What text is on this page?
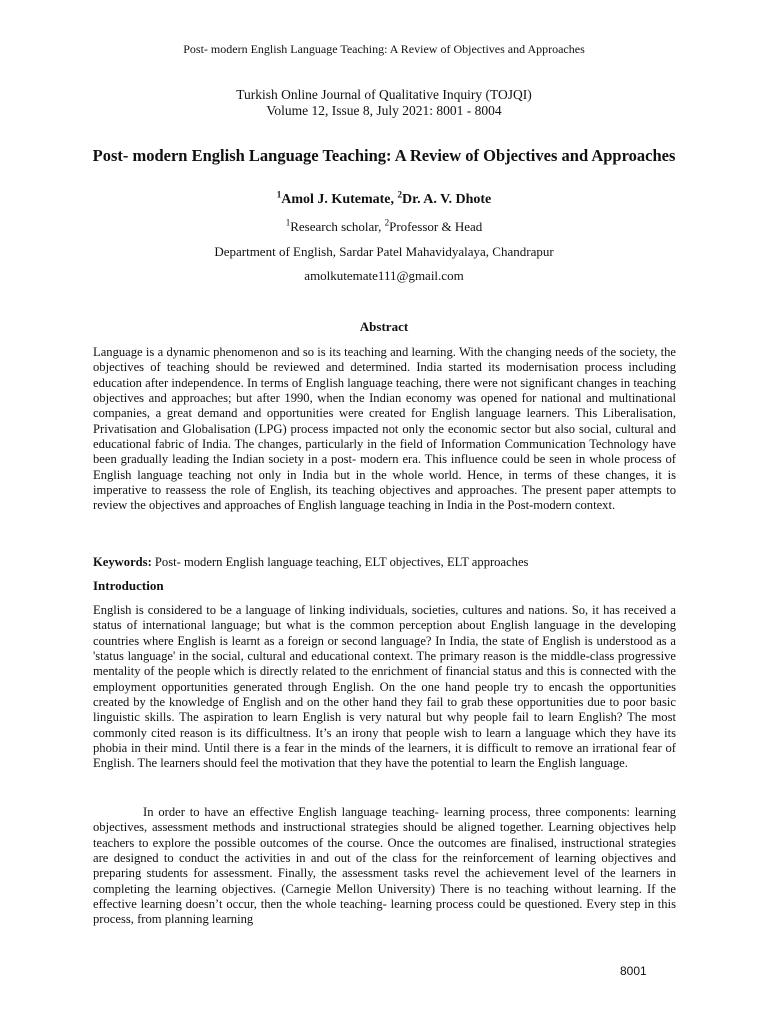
Post- modern English Language Teaching: A Review of Objectives and Approaches
Turkish Online Journal of Qualitative Inquiry (TOJQI)
Volume 12, Issue 8, July 2021: 8001 - 8004
Post- modern English Language Teaching: A Review of Objectives and Approaches
$^1$Amol J. Kutemate, $^2$Dr. A. V. Dhote
$^1$Research scholar, $^2$Professor & Head
Department of English, Sardar Patel Mahavidyalaya, Chandrapur
amolkutemate111@gmail.com
Abstract
Language is a dynamic phenomenon and so is its teaching and learning. With the changing needs of the society, the objectives of teaching should be reviewed and determined. India started its modernisation process including education after independence. In terms of English language teaching, there were not significant changes in teaching objectives and approaches; but after 1990, when the Indian economy was opened for national and multinational companies, a great demand and opportunities were created for English language learners. This Liberalisation, Privatisation and Globalisation (LPG) process impacted not only the economic sector but also social, cultural and educational fabric of India. The changes, particularly in the field of Information Communication Technology have been gradually leading the Indian society in a post- modern era. This influence could be seen in whole process of English language teaching not only in India but in the whole world. Hence, in terms of these changes, it is imperative to reassess the role of English, its teaching objectives and approaches. The present paper attempts to review the objectives and approaches of English language teaching in India in the Post-modern context.
Keywords: Post- modern English language teaching, ELT objectives, ELT approaches
Introduction
English is considered to be a language of linking individuals, societies, cultures and nations. So, it has received a status of international language; but what is the common perception about English language in the developing countries where English is learnt as a foreign or second language? In India, the state of English is understood as a 'status language' in the social, cultural and educational context. The primary reason is the middle-class progressive mentality of the people which is directly related to the enrichment of financial status and this is connected with the employment opportunities generated through English. On the one hand people try to encash the opportunities created by the knowledge of English and on the other hand they fail to grab these opportunities due to poor basic linguistic skills. The aspiration to learn English is very natural but why people fail to learn English? The most commonly cited reason is its difficultness. It’s an irony that people wish to learn a language which they have its phobia in their mind. Until there is a fear in the minds of the learners, it is difficult to remove an irrational fear of English. The learners should feel the motivation that they have the potential to learn the English language.
In order to have an effective English language teaching- learning process, three components: learning objectives, assessment methods and instructional strategies should be aligned together. Learning objectives help teachers to explore the possible outcomes of the course. Once the outcomes are finalised, instructional strategies are designed to conduct the activities in and out of the class for the reinforcement of learning objectives and preparing students for assessment. Finally, the assessment tasks revel the achievement level of the learners in completing the learning objectives. (Carnegie Mellon University) There is no teaching without learning. If the effective learning doesn’t occur, then the whole teaching- learning process could be questioned. Every step in this process, from planning learning
8001
